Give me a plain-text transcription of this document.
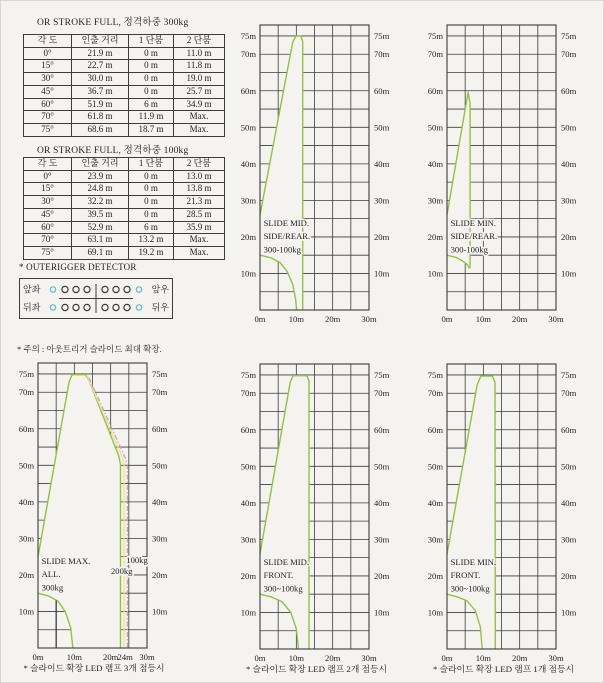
OR STROKE FULL, 정격하중 300kg
각 도	인출 거리	1 단붐	2 단붐
0°	21.9 m	0 m	11.0 m
15°	22.7 m	0 m	11.8 m
30°	30.0 m	0 m	19.0 m
45°	36.7 m	0 m	25.7 m
60°	51.9 m	6 m	34.9 m
70°	61.8 m	11.9 m	Max.
75°	68.6 m	18.7 m	Max.
OR STROKE FULL, 정격하중 100kg
각 도	인출 거리	1 단붐	2 단붐
0°	23.9 m	0 m	13.0 m
15°	24.8 m	0 m	13.8 m
30°	32.2 m	0 m	21.3 m
45°	39.5 m	0 m	28.5 m
60°	52.9 m	6 m	35.9 m
70°	63.1 m	13.2 m	Max.
75°	69.1 m	19.2 m	Max.
* OUTERIGGER DETECTOR
앞좌	앞우
뒤좌	뒤우
* 주의 : 아웃트리거 슬라이드 최대 확장.
10m	10m
20m	20m
30m	30m
40m	40m
50m	50m
60m	60m
70m	70m
75m	75m
0m	10m 20m 24m 30m
SLIDE MAX.
ALL.
300kg
200kg
100kg
10m	10m
20m	20m
30m	30m
40m	40m
50m	50m
60m	60m
70m	70m
75m	75m
0m	10m 20m 30m
SLIDE MID.
SIDE/REAR.
300-100kg
10m	10m
20m	20m
30m	30m
40m	40m
50m	50m
60m	60m
70m	70m
75m	75m
0m	10m 20m 30m
SLIDE MIN.
SIDE/REAR.
300-100kg
10m	10m
20m	20m
30m	30m
40m	40m
50m	50m
60m	60m
70m	70m
75m	75m
0m	10m 20m 30m
SLIDE MID.
FRONT.
300~100kg
10m	10m
20m	20m
30m	30m
40m	40m
50m	50m
60m	60m
70m	70m
75m	75m
0m	10m 20m 30m
SLIDE MIN.
FRONT.
300~100kg
* 슬라이드 확장 LED 램프 3개 점등시	* 슬라이드 확장 LED 램프 2개 점등시	* 슬라이드 확장 LED 램프 1개 점등시
